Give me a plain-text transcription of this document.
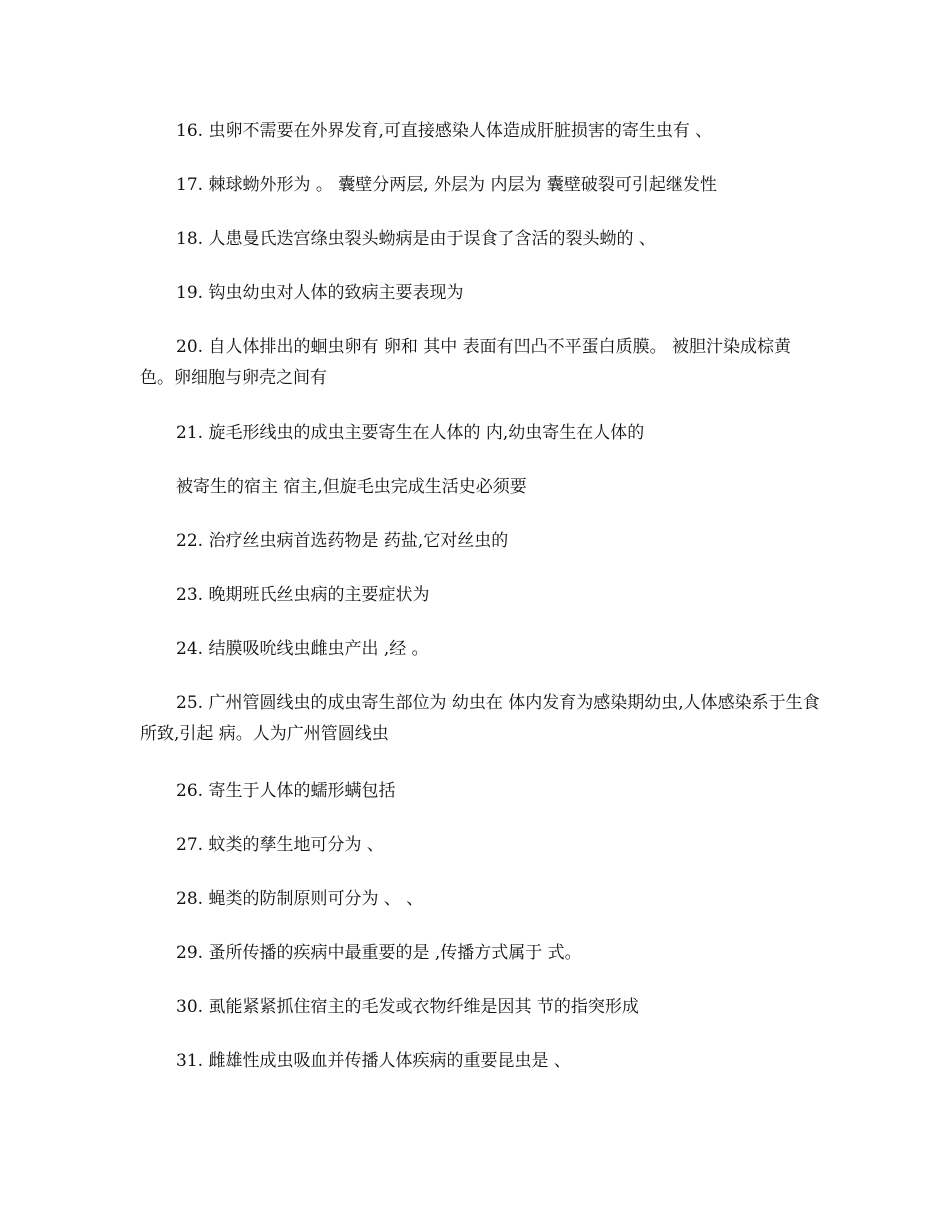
16. 虫卵不需要在外界发育,可直接感染人体造成肝脏损害的寄生虫有 、

17. 棘球蚴外形为 。 囊壁分两层, 外层为 内层为 囊壁破裂可引起继发性

18. 人患曼氏迭宫绦虫裂头蚴病是由于误食了含活的裂头蚴的 、

19. 钩虫幼虫对人体的致病主要表现为

20. 自人体排出的蛔虫卵有 卵和 其中 表面有凹凸不平蛋白质膜。 被胆汁染成棕黄色。卵细胞与卵壳之间有

21. 旋毛形线虫的成虫主要寄生在人体的 内,幼虫寄生在人体的

被寄生的宿主 宿主,但旋毛虫完成生活史必须要

22. 治疗丝虫病首选药物是 药盐,它对丝虫的

23. 晚期班氏丝虫病的主要症状为

24. 结膜吸吮线虫雌虫产出 ,经 。

25. 广州管圆线虫的成虫寄生部位为 幼虫在 体内发育为感染期幼虫,人体感染系于生食 所致,引起 病。人为广州管圆线虫

26. 寄生于人体的蠕形螨包括

27. 蚊类的孳生地可分为 、

28. 蝇类的防制原则可分为 、 、

29. 蚤所传播的疾病中最重要的是 ,传播方式属于 式。

30. 虱能紧紧抓住宿主的毛发或衣物纤维是因其 节的指突形成

31. 雌雄性成虫吸血并传播人体疾病的重要昆虫是 、
